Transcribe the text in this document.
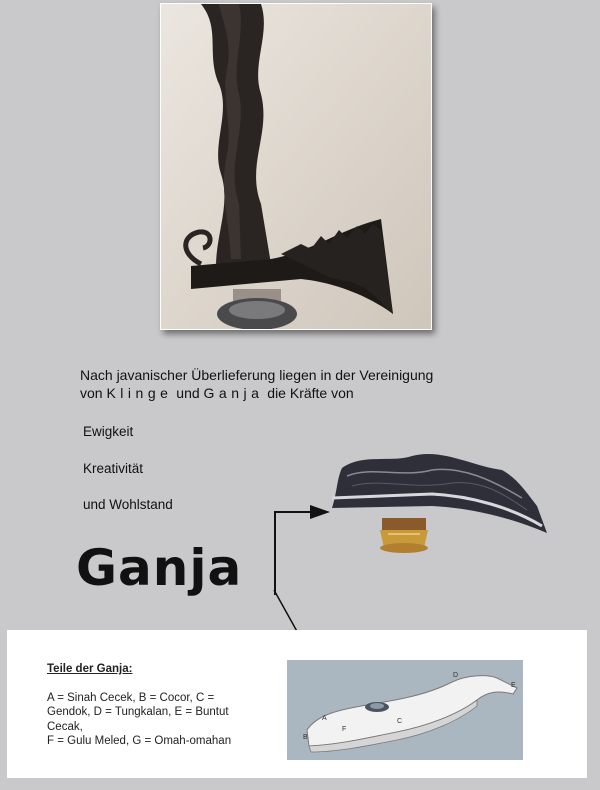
Nach javanischer Überlieferung liegen in der Vereinigung
von Klinge und Ganja die Kräfte von
Ewigkeit
Kreativität
und Wohlstand
Ganja
Teile der Ganja:
A = Sinah Cecek, B = Cocor, C =
Gendok, D = Tungkalan, E = Buntut
Cecak,
F = Gulu Meled, G = Omah-omahan
A
B
C
D
E
F
